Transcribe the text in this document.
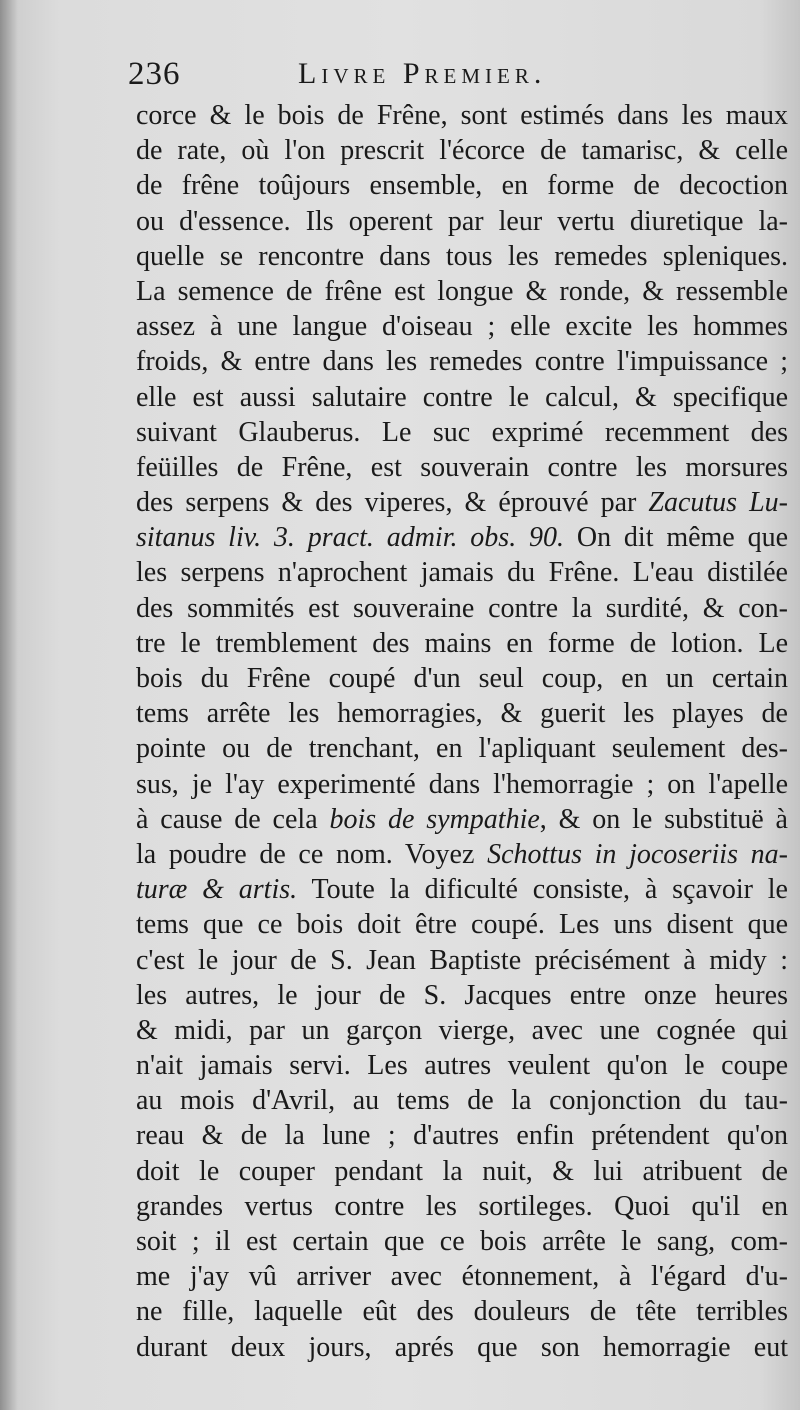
236	Livre Premier.
corce & le bois de Frêne, sont estimés dans les maux
de rate, où l'on prescrit l'écorce de tamarisc, & celle
de frêne toûjours ensemble, en forme de decoction
ou d'essence. Ils operent par leur vertu diuretique la-
quelle se rencontre dans tous les remedes spleniques.
La semence de frêne est longue & ronde, & ressemble
assez à une langue d'oiseau ; elle excite les hommes
froids, & entre dans les remedes contre l'impuissance ;
elle est aussi salutaire contre le calcul, & specifique
suivant Glauberus. Le suc exprimé recemment des
feüilles de Frêne, est souverain contre les morsures
des serpens & des viperes, & éprouvé par Zacutus Lu-
sitanus liv. 3. pract. admir. obs. 90. On dit même que
les serpens n'aprochent jamais du Frêne. L'eau distilée
des sommités est souveraine contre la surdité, & con-
tre le tremblement des mains en forme de lotion. Le
bois du Frêne coupé d'un seul coup, en un certain
tems arrête les hemorragies, & guerit les playes de
pointe ou de trenchant, en l'apliquant seulement des-
sus, je l'ay experimenté dans l'hemorragie ; on l'apelle
à cause de cela bois de sympathie, & on le substituë à
la poudre de ce nom. Voyez Schottus in jocoseriis na-
turæ & artis. Toute la dificulté consiste, à sçavoir le
tems que ce bois doit être coupé. Les uns disent que
c'est le jour de S. Jean Baptiste précisément à midy :
les autres, le jour de S. Jacques entre onze heures
& midi, par un garçon vierge, avec une cognée qui
n'ait jamais servi. Les autres veulent qu'on le coupe
au mois d'Avril, au tems de la conjonction du tau-
reau & de la lune ; d'autres enfin prétendent qu'on
doit le couper pendant la nuit, & lui atribuent de
grandes vertus contre les sortileges. Quoi qu'il en
soit ; il est certain que ce bois arrête le sang, com-
me j'ay vû arriver avec étonnement, à l'égard d'u-
ne fille, laquelle eût des douleurs de tête terribles
durant deux jours, aprés que son hemorragie eut
